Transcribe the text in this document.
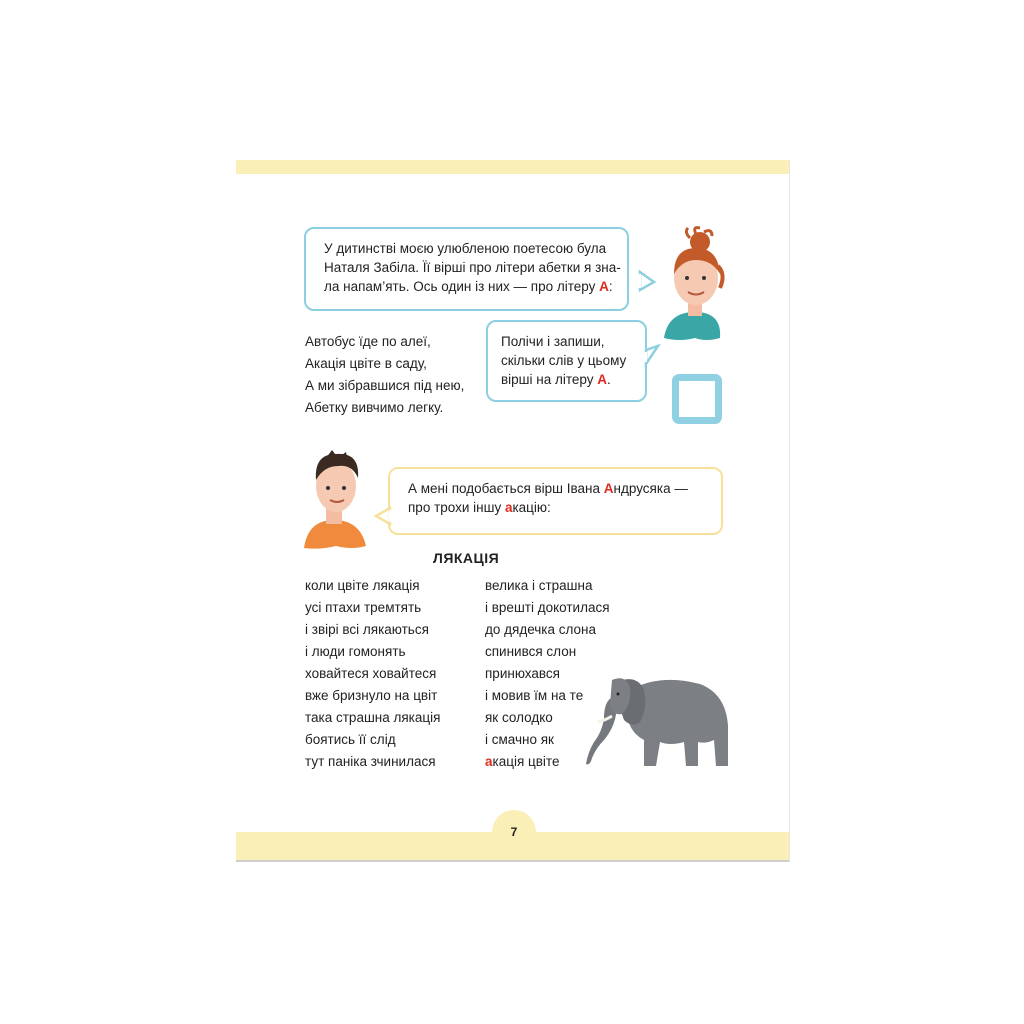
У дитинстві моєю улюбленою поетесою була
Наталя Забіла. Її вірші про літери абетки я зна-
ла напам’ять. Ось один із них — про літеру А:
Автобус їде по алеї,
Акація цвіте в саду,
А ми зібравшися під нею,
Абетку вивчимо легку.
Полічи і запиши,
скільки слів у цьому
вірші на літеру А.
А мені подобається вірш Івана Андрусяка —
про трохи іншу акацію:
ЛЯКАЦІЯ
коли цвіте лякація
усі птахи тремтять
і звірі всі лякаються
і люди гомонять
ховайтеся ховайтеся
вже бризнуло на цвіт
така страшна лякація
боятись її слід
тут паніка зчинилася
велика і страшна
і врешті докотилася
до дядечка слона
спинився слон
принюхався
і мовив їм на те
як солодко
і смачно як
акація цвіте
7
